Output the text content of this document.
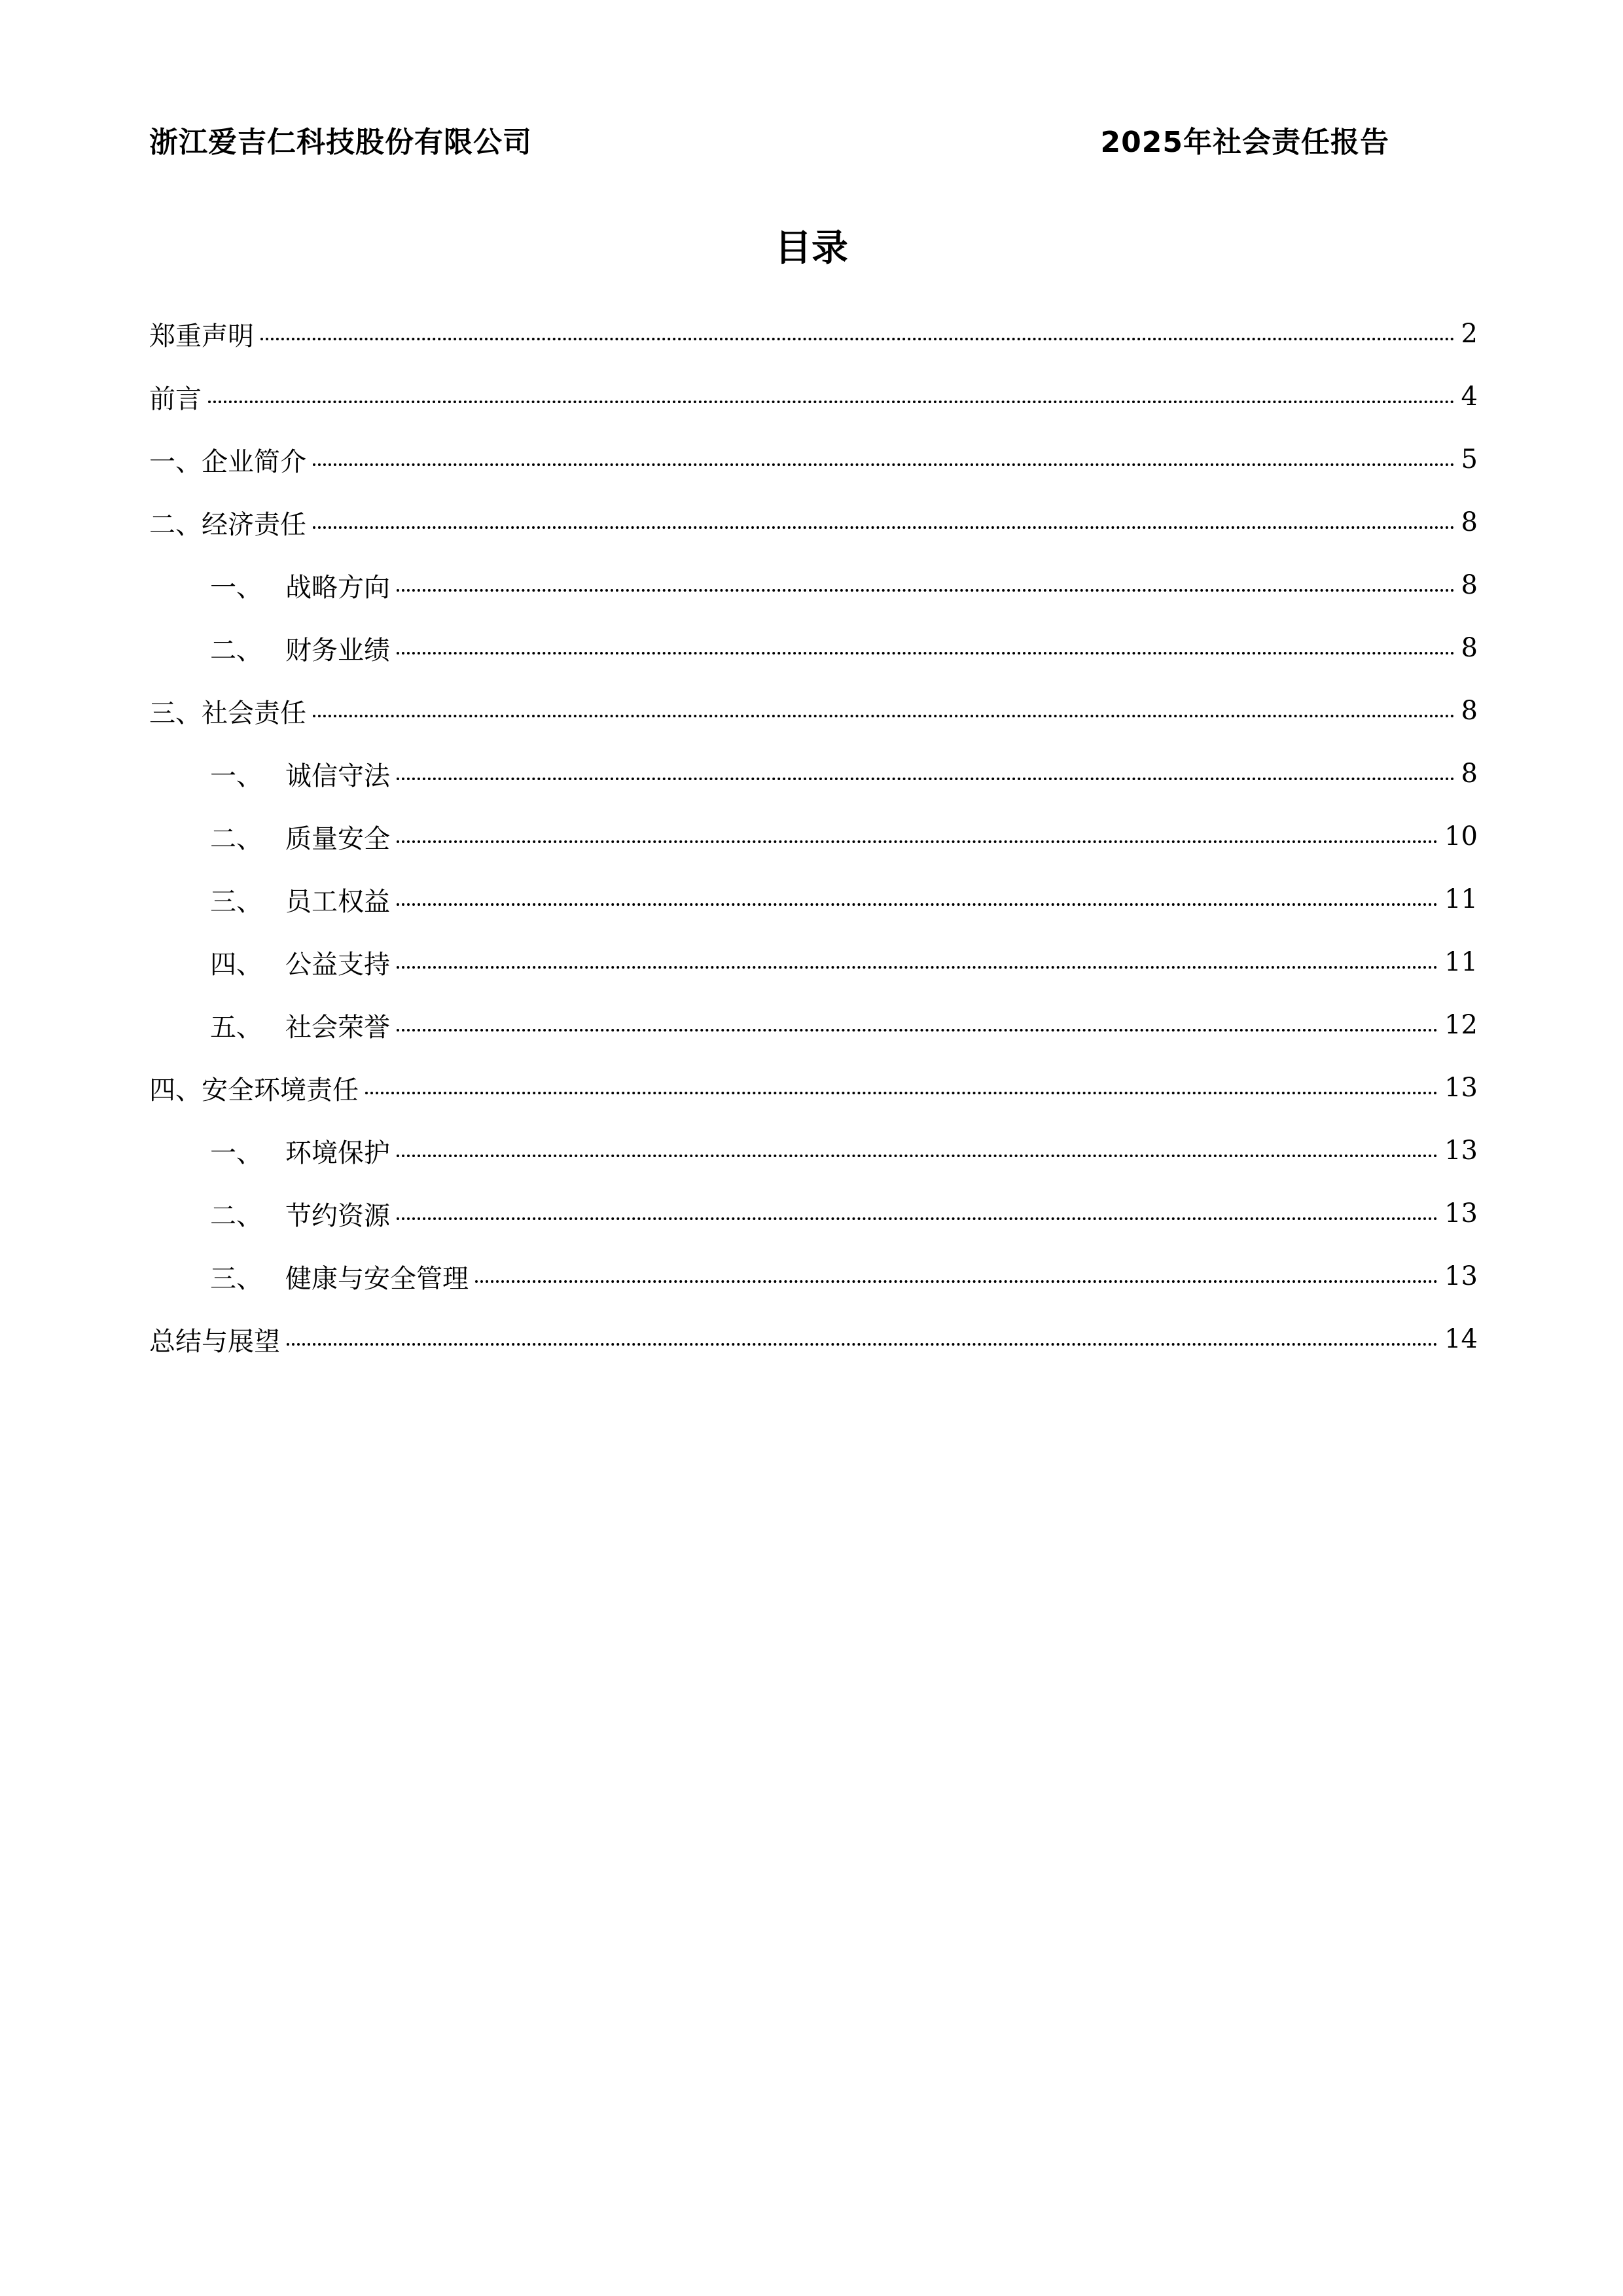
浙江爱吉仁科技股份有限公司	2025年社会责任报告
目录
郑重声明	2
前言	4
一、 企业简介	5
二、 经济责任	8
一、 战略方向	8
二、 财务业绩	8
三、 社会责任	8
一、 诚信守法	8
二、 质量安全	10
三、 员工权益	11
四、 公益支持	11
五、 社会荣誉	12
四、 安全环境责任	13
一、 环境保护	13
二、 节约资源	13
三、 健康与安全管理	13
总结与展望	14
